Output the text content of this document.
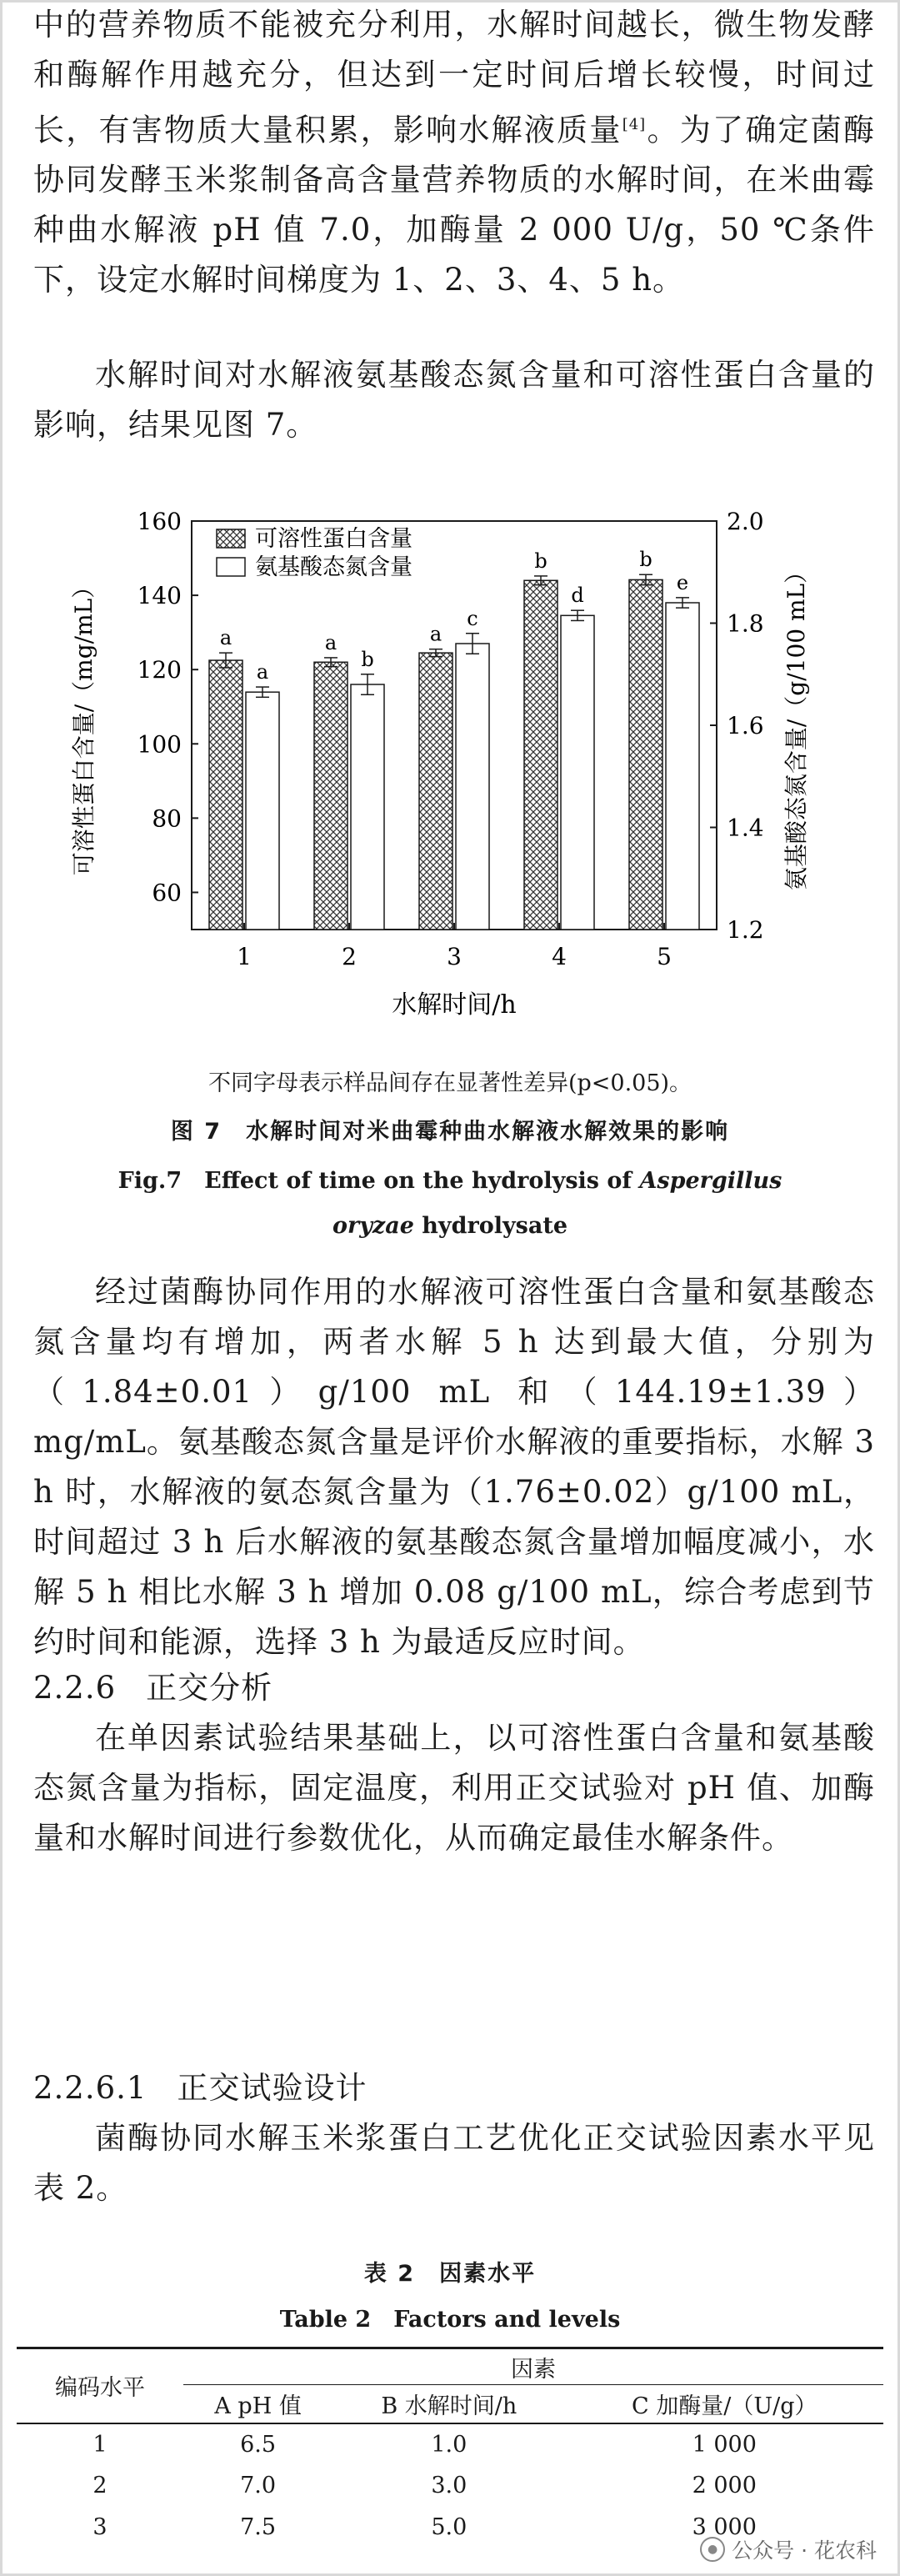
中的营养物质不能被充分利用，水解时间越长，微生物发酵和酶解作用越充分，但达到一定时间后增长较慢，时间过长，有害物质大量积累，影响水解液质量[4]。为了确定菌酶协同发酵玉米浆制备高含量营养物质的水解时间，在米曲霉种曲水解液 pH 值 7.0，加酶量 2 000 U/g，50 ℃条件下，设定水解时间梯度为 1、2、3、4、5 h。

水解时间对水解液氨基酸态氮含量和可溶性蛋白含量的影响，结果见图 7。

60
80
100
120
140
160
1.2
1.4
1.6
1.8
2.0
1
a
a
2
a
b
3
a
c
4
b
d
5
b
e
可溶性蛋白含量
氨基酸态氮含量
水解时间/h
可溶性蛋白含量/（mg/mL）	氨基酸态氮含量/（g/100 mL）
不同字母表示样品间存在显著性差异(p<0.05)。
图 7　水解时间对米曲霉种曲水解液水解效果的影响
Fig.7　Effect of time on the hydrolysis of Aspergillus oryzae hydrolysate

经过菌酶协同作用的水解液可溶性蛋白含量和氨基酸态氮含量均有增加，两者水解 5 h 达到最大值，分别为（1.84±0.01）g/100 mL 和（144.19±1.39）mg/mL。氨基酸态氮含量是评价水解液的重要指标，水解 3 h 时，水解液的氨态氮含量为（1.76±0.02）g/100 mL，时间超过 3 h 后水解液的氨基酸态氮含量增加幅度减小，水解 5 h 相比水解 3 h 增加 0.08 g/100 mL，综合考虑到节约时间和能源，选择 3 h 为最适反应时间。

2.2.6 正交分析

在单因素试验结果基础上，以可溶性蛋白含量和氨基酸态氮含量为指标，固定温度，利用正交试验对 pH 值、加酶量和水解时间进行参数优化，从而确定最佳水解条件。

2.2.6.1 正交试验设计

菌酶协同水解玉米浆蛋白工艺优化正交试验因素水平见表 2。

表 2　因素水平
Table 2　Factors and levels
编码水平	因素		
	A pH 值	B 水解时间/h	C 加酶量/（U/g）
1	6.5	1.0	1 000
2	7.0	3.0	2 000
3	7.5	5.0	3 000
● 公众号 · 花农科
